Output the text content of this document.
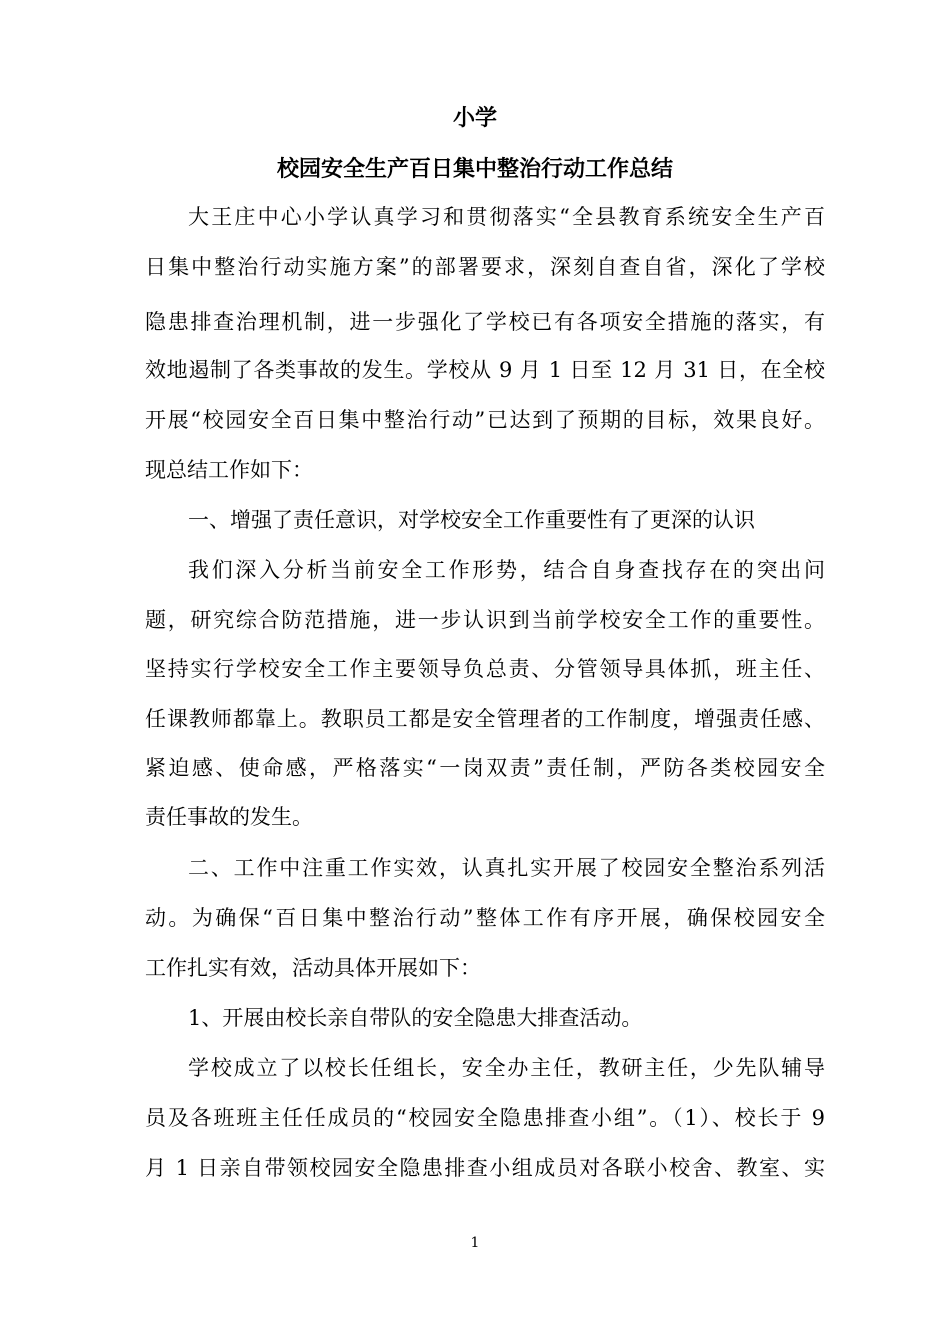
小学
校园安全生产百日集中整治行动工作总结
大王庄中心小学认真学习和贯彻落实“全县教育系统安全生产百
日集中整治行动实施方案”的部署要求，深刻自查自省，深化了学校
隐患排查治理机制，进一步强化了学校已有各项安全措施的落实，有
效地遏制了各类事故的发生。学校从 9 月 1 日至 12 月 31 日，在全校
开展“校园安全百日集中整治行动”已达到了预期的目标，效果良好。
现总结工作如下：
一、增强了责任意识，对学校安全工作重要性有了更深的认识
我们深入分析当前安全工作形势，结合自身查找存在的突出问
题，研究综合防范措施，进一步认识到当前学校安全工作的重要性。
坚持实行学校安全工作主要领导负总责、分管领导具体抓，班主任、
任课教师都靠上。教职员工都是安全管理者的工作制度，增强责任感、
紧迫感、使命感，严格落实“一岗双责”责任制，严防各类校园安全
责任事故的发生。
二、工作中注重工作实效，认真扎实开展了校园安全整治系列活
动。为确保“百日集中整治行动”整体工作有序开展，确保校园安全
工作扎实有效，活动具体开展如下：
1、开展由校长亲自带队的安全隐患大排查活动。
学校成立了以校长任组长，安全办主任，教研主任，少先队辅导
员及各班班主任任成员的“校园安全隐患排查小组”。（1）、校长于 9
月 1 日亲自带领校园安全隐患排查小组成员对各联小校舍、教室、实
1
